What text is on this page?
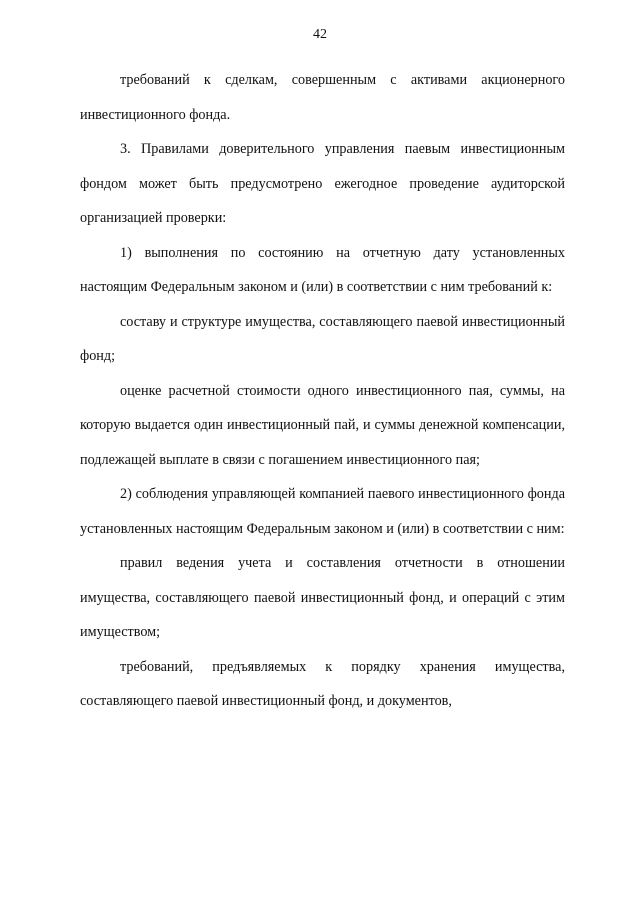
42

требований к сделкам, совершенным с активами акционерного инвестиционного фонда.

3. Правилами доверительного управления паевым инвестиционным фондом может быть предусмотрено ежегодное проведение аудиторской организацией проверки:

1) выполнения по состоянию на отчетную дату установленных настоящим Федеральным законом и (или) в соответствии с ним требований к:

составу и структуре имущества, составляющего паевой инвестиционный фонд;

оценке расчетной стоимости одного инвестиционного пая, суммы, на которую выдается один инвестиционный пай, и суммы денежной компенсации, подлежащей выплате в связи с погашением инвестиционного пая;

2) соблюдения управляющей компанией паевого инвестиционного фонда установленных настоящим Федеральным законом и (или) в соответствии с ним:

правил ведения учета и составления отчетности в отношении имущества, составляющего паевой инвестиционный фонд, и операций с этим имуществом;

требований, предъявляемых к порядку хранения имущества, составляющего паевой инвестиционный фонд, и документов,
